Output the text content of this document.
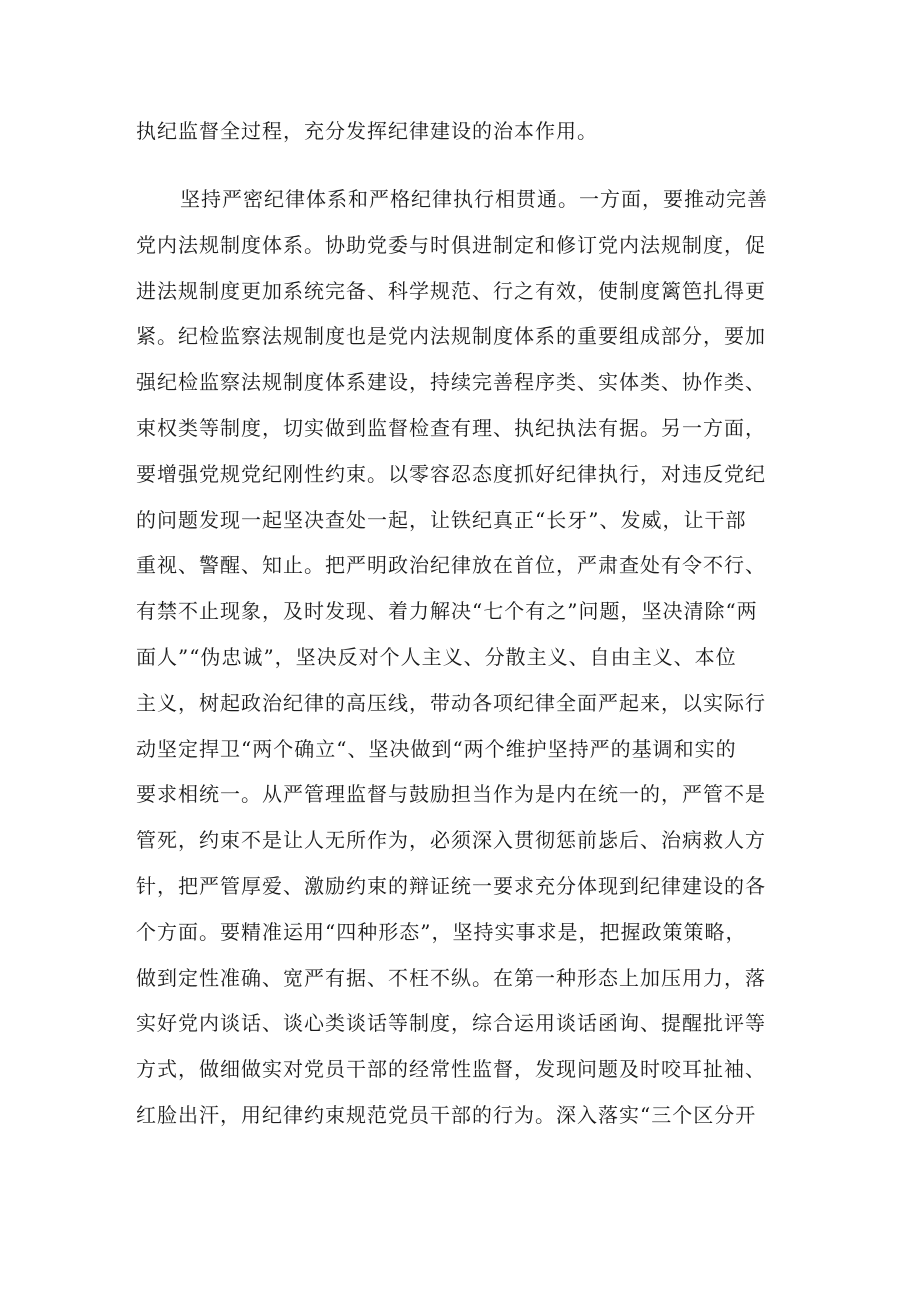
执纪监督全过程，充分发挥纪律建设的治本作用。
坚持严密纪律体系和严格纪律执行相贯通。一方面，要推动完善
党内法规制度体系。协助党委与时俱进制定和修订党内法规制度，促
进法规制度更加系统完备、科学规范、行之有效，使制度篱笆扎得更
紧。纪检监察法规制度也是党内法规制度体系的重要组成部分，要加
强纪检监察法规制度体系建设，持续完善程序类、实体类、协作类、
束权类等制度，切实做到监督检查有理、执纪执法有据。另一方面，
要增强党规党纪刚性约束。以零容忍态度抓好纪律执行，对违反党纪
的问题发现一起坚决查处一起，让铁纪真正“长牙”、发威，让干部
重视、警醒、知止。把严明政治纪律放在首位，严肃查处有令不行、
有禁不止现象，及时发现、着力解决“七个有之”问题，坚决清除“两
面人”“伪忠诚”，坚决反对个人主义、分散主义、自由主义、本位
主义，树起政治纪律的高压线，带动各项纪律全面严起来，以实际行
动坚定捍卫“两个确立“、坚决做到“两个维护坚持严的基调和实的
要求相统一。从严管理监督与鼓励担当作为是内在统一的，严管不是
管死，约束不是让人无所作为，必须深入贯彻惩前毖后、治病救人方
针，把严管厚爱、激励约束的辩证统一要求充分体现到纪律建设的各
个方面。要精准运用“四种形态”，坚持实事求是，把握政策策略，
做到定性准确、宽严有据、不枉不纵。在第一种形态上加压用力，落
实好党内谈话、谈心类谈话等制度，综合运用谈话函询、提醒批评等
方式，做细做实对党员干部的经常性监督，发现问题及时咬耳扯袖、
红脸出汗，用纪律约束规范党员干部的行为。深入落实“三个区分开
